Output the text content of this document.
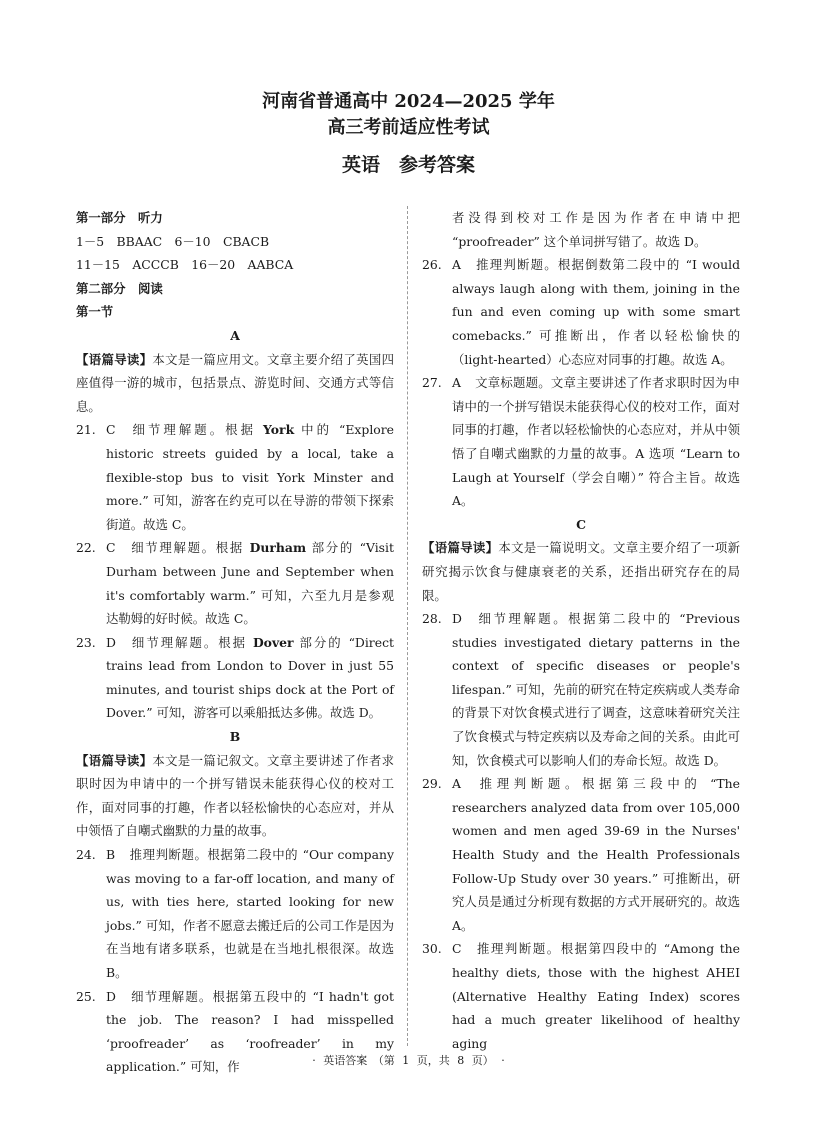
河南省普通高中 2024—2025 学年
高三考前适应性考试
英语　参考答案
第一部分　听力
1－5　BBAAC　6－10　CBACB
11－15　ACCCB　16－20　AABCA
第二部分　阅读
第一节
A
【语篇导读】本文是一篇应用文。文章主要介绍了英国四座值得一游的城市，包括景点、游览时间、交通方式等信息。
21. C 细节理解题。根据 York 中的 “Explore historic streets guided by a local, take a flexible-stop bus to visit York Minster and more.” 可知，游客在约克可以在导游的带领下探索街道。故选 C。
22. C 细节理解题。根据 Durham 部分的 “Visit Durham between June and September when it's comfortably warm.” 可知，六至九月是参观达勒姆的好时候。故选 C。
23. D 细节理解题。根据 Dover 部分的 “Direct trains lead from London to Dover in just 55 minutes, and tourist ships dock at the Port of Dover.” 可知，游客可以乘船抵达多佛。故选 D。
B
【语篇导读】本文是一篇记叙文。文章主要讲述了作者求职时因为申请中的一个拼写错误未能获得心仪的校对工作，面对同事的打趣，作者以轻松愉快的心态应对，并从中领悟了自嘲式幽默的力量的故事。
24. B 推理判断题。根据第二段中的 “Our company was moving to a far-off location, and many of us, with ties here, started looking for new jobs.” 可知，作者不愿意去搬迁后的公司工作是因为在当地有诸多联系，也就是在当地扎根很深。故选 B。
25. D 细节理解题。根据第五段中的 “I hadn't got the job. The reason? I had misspelled ‘proofreader’ as ‘roofreader’ in my application.” 可知，作
者没得到校对工作是因为作者在申请中把 “proofreader” 这个单词拼写错了。故选 D。
26. A 推理判断题。根据倒数第二段中的 “I would always laugh along with them, joining in the fun and even coming up with some smart comebacks.” 可推断出，作者以轻松愉快的（light-hearted）心态应对同事的打趣。故选 A。
27. A 文章标题题。文章主要讲述了作者求职时因为申请中的一个拼写错误未能获得心仪的校对工作，面对同事的打趣，作者以轻松愉快的心态应对，并从中领悟了自嘲式幽默的力量的故事。A 选项 “Learn to Laugh at Yourself（学会自嘲）” 符合主旨。故选 A。
C
【语篇导读】本文是一篇说明文。文章主要介绍了一项新研究揭示饮食与健康衰老的关系，还指出研究存在的局限。
28. D 细节理解题。根据第二段中的 “Previous studies investigated dietary patterns in the context of specific diseases or people's lifespan.” 可知，先前的研究在特定疾病或人类寿命的背景下对饮食模式进行了调查，这意味着研究关注了饮食模式与特定疾病以及寿命之间的关系。由此可知，饮食模式可以影响人们的寿命长短。故选 D。
29. A 推理判断题。根据第三段中的 “The researchers analyzed data from over 105,000 women and men aged 39-69 in the Nurses' Health Study and the Health Professionals Follow-Up Study over 30 years.” 可推断出，研究人员是通过分析现有数据的方式开展研究的。故选 A。
30. C 推理判断题。根据第四段中的 “Among the healthy diets, those with the highest AHEI (Alternative Healthy Eating Index) scores had a much greater likelihood of healthy aging
· 英语答案　（第 1 页，共 8 页） ·
